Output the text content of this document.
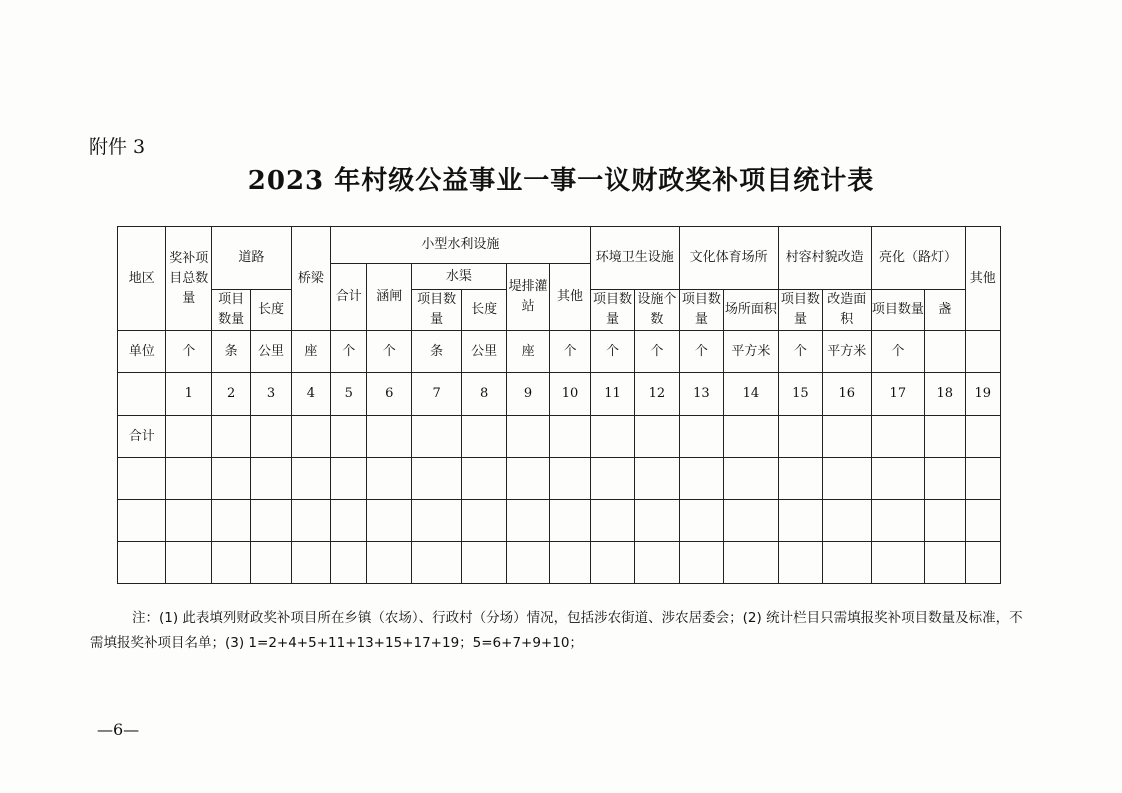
附件 3
2023 年村级公益事业一事一议财政奖补项目统计表
地区	奖补项目总数量	道路		桥梁	小型水利设施						环境卫生设施		文化体育场所		村容村貌改造		亮化（路灯）		其他
					合计	涵闸	水渠		堤排灌站	其他									
		项目数量	长度				项目数量	长度			项目数量	设施个数	项目数量	场所面积	项目数量	改造面积	项目数量	盏	
单位	个	条	公里	座	个	个	条	公里	座	个	个	个	个	平方米	个	平方米	个		
	1	2	3	4	5	6	7	8	9	10	11	12	13	14	15	16	17	18	19
合计																			

注：(1) 此表填列财政奖补项目所在乡镇（农场）、行政村（分场）情况，包括涉农街道、涉农居委会；(2) 统计栏目只需填报奖补项目数量及标准，不需填报奖补项目名单；(3) 1=2+4+5+11+13+15+17+19；5=6+7+9+10；
—6—
